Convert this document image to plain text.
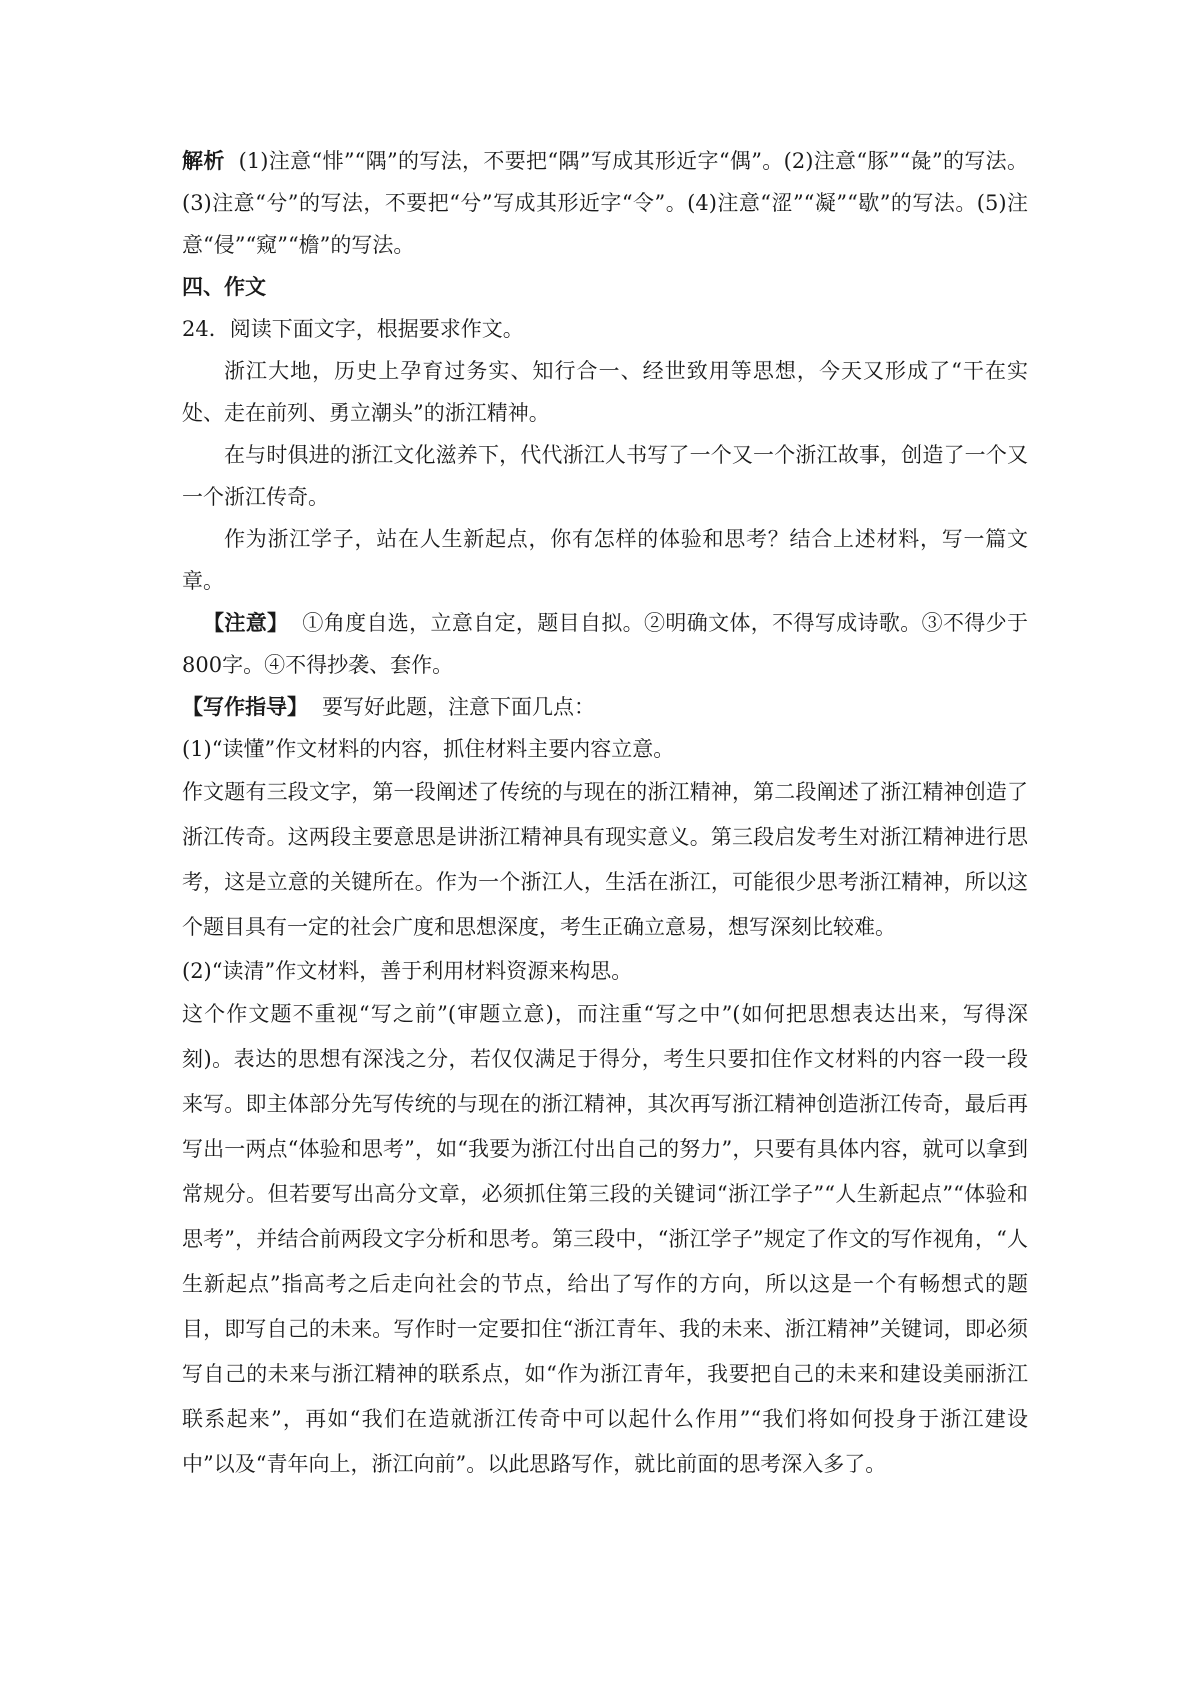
解析 (1)注意“悱”“隅”的写法，不要把“隅”写成其形近字“偶”。(2)注意“豚”“彘”的写法。(3)注意“兮”的写法，不要把“兮”写成其形近字“令”。(4)注意“涩”“凝”“歇”的写法。(5)注意“侵”“窥”“檐”的写法。

四、作文

24．阅读下面文字，根据要求作文。

浙江大地，历史上孕育过务实、知行合一、经世致用等思想，今天又形成了“干在实处、走在前列、勇立潮头”的浙江精神。

在与时俱进的浙江文化滋养下，代代浙江人书写了一个又一个浙江故事，创造了一个又一个浙江传奇。

作为浙江学子，站在人生新起点，你有怎样的体验和思考？结合上述材料，写一篇文章。

【注意】 ①角度自选，立意自定，题目自拟。②明确文体，不得写成诗歌。③不得少于800字。④不得抄袭、套作。

【写作指导】 要写好此题，注意下面几点：

(1)“读懂”作文材料的内容，抓住材料主要内容立意。

作文题有三段文字，第一段阐述了传统的与现在的浙江精神，第二段阐述了浙江精神创造了浙江传奇。这两段主要意思是讲浙江精神具有现实意义。第三段启发考生对浙江精神进行思考，这是立意的关键所在。作为一个浙江人，生活在浙江，可能很少思考浙江精神，所以这个题目具有一定的社会广度和思想深度，考生正确立意易，想写深刻比较难。

(2)“读清”作文材料，善于利用材料资源来构思。

这个作文题不重视“写之前”(审题立意)，而注重“写之中”(如何把思想表达出来，写得深刻)。表达的思想有深浅之分，若仅仅满足于得分，考生只要扣住作文材料的内容一段一段来写。即主体部分先写传统的与现在的浙江精神，其次再写浙江精神创造浙江传奇，最后再写出一两点“体验和思考”，如“我要为浙江付出自己的努力”，只要有具体内容，就可以拿到常规分。但若要写出高分文章，必须抓住第三段的关键词“浙江学子”“人生新起点”“体验和思考”，并结合前两段文字分析和思考。第三段中，“浙江学子”规定了作文的写作视角，“人生新起点”指高考之后走向社会的节点，给出了写作的方向，所以这是一个有畅想式的题目，即写自己的未来。写作时一定要扣住“浙江青年、我的未来、浙江精神”关键词，即必须写自己的未来与浙江精神的联系点，如“作为浙江青年，我要把自己的未来和建设美丽浙江联系起来”，再如“我们在造就浙江传奇中可以起什么作用”“我们将如何投身于浙江建设中”以及“青年向上，浙江向前”。以此思路写作，就比前面的思考深入多了。
